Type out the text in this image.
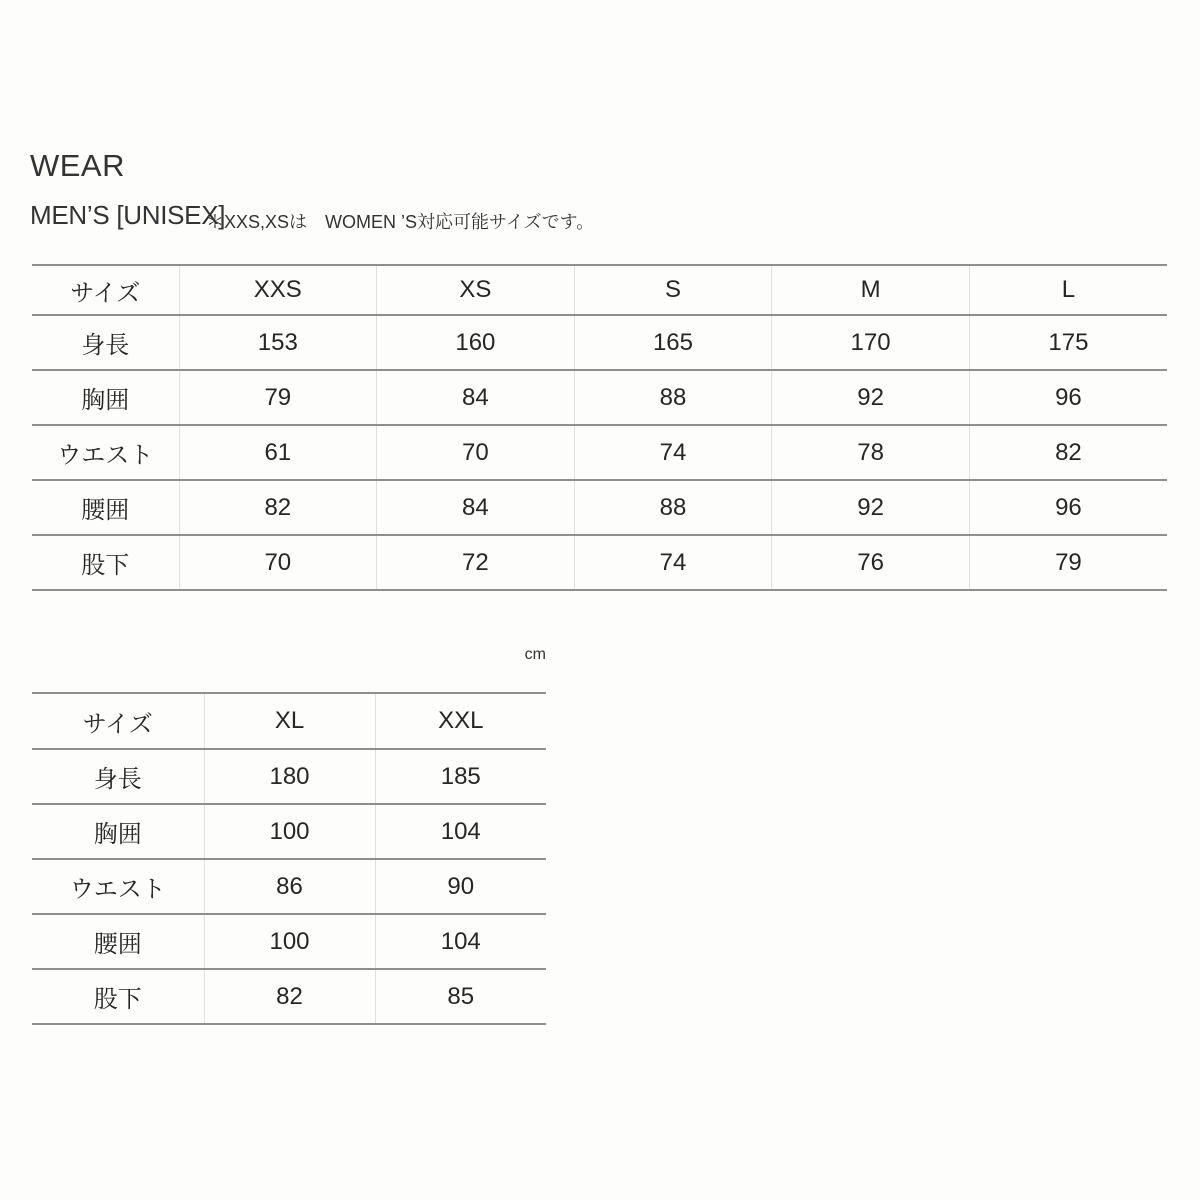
WEAR
MEN’S [UNISEX]

＊XXS,XSは　WOMEN ’S対応可能サイズです。

サイズ	XXS	XS	S	M	L
身長	153	160	165	170	175
胸囲	79	84	88	92	96
ウエスト	61	70	74	78	82
腰囲	82	84	88	92	96
股下	70	72	74	76	79
cm
サイズ	XL	XXL
身長	180	185
胸囲	100	104
ウエスト	86	90
腰囲	100	104
股下	82	85
